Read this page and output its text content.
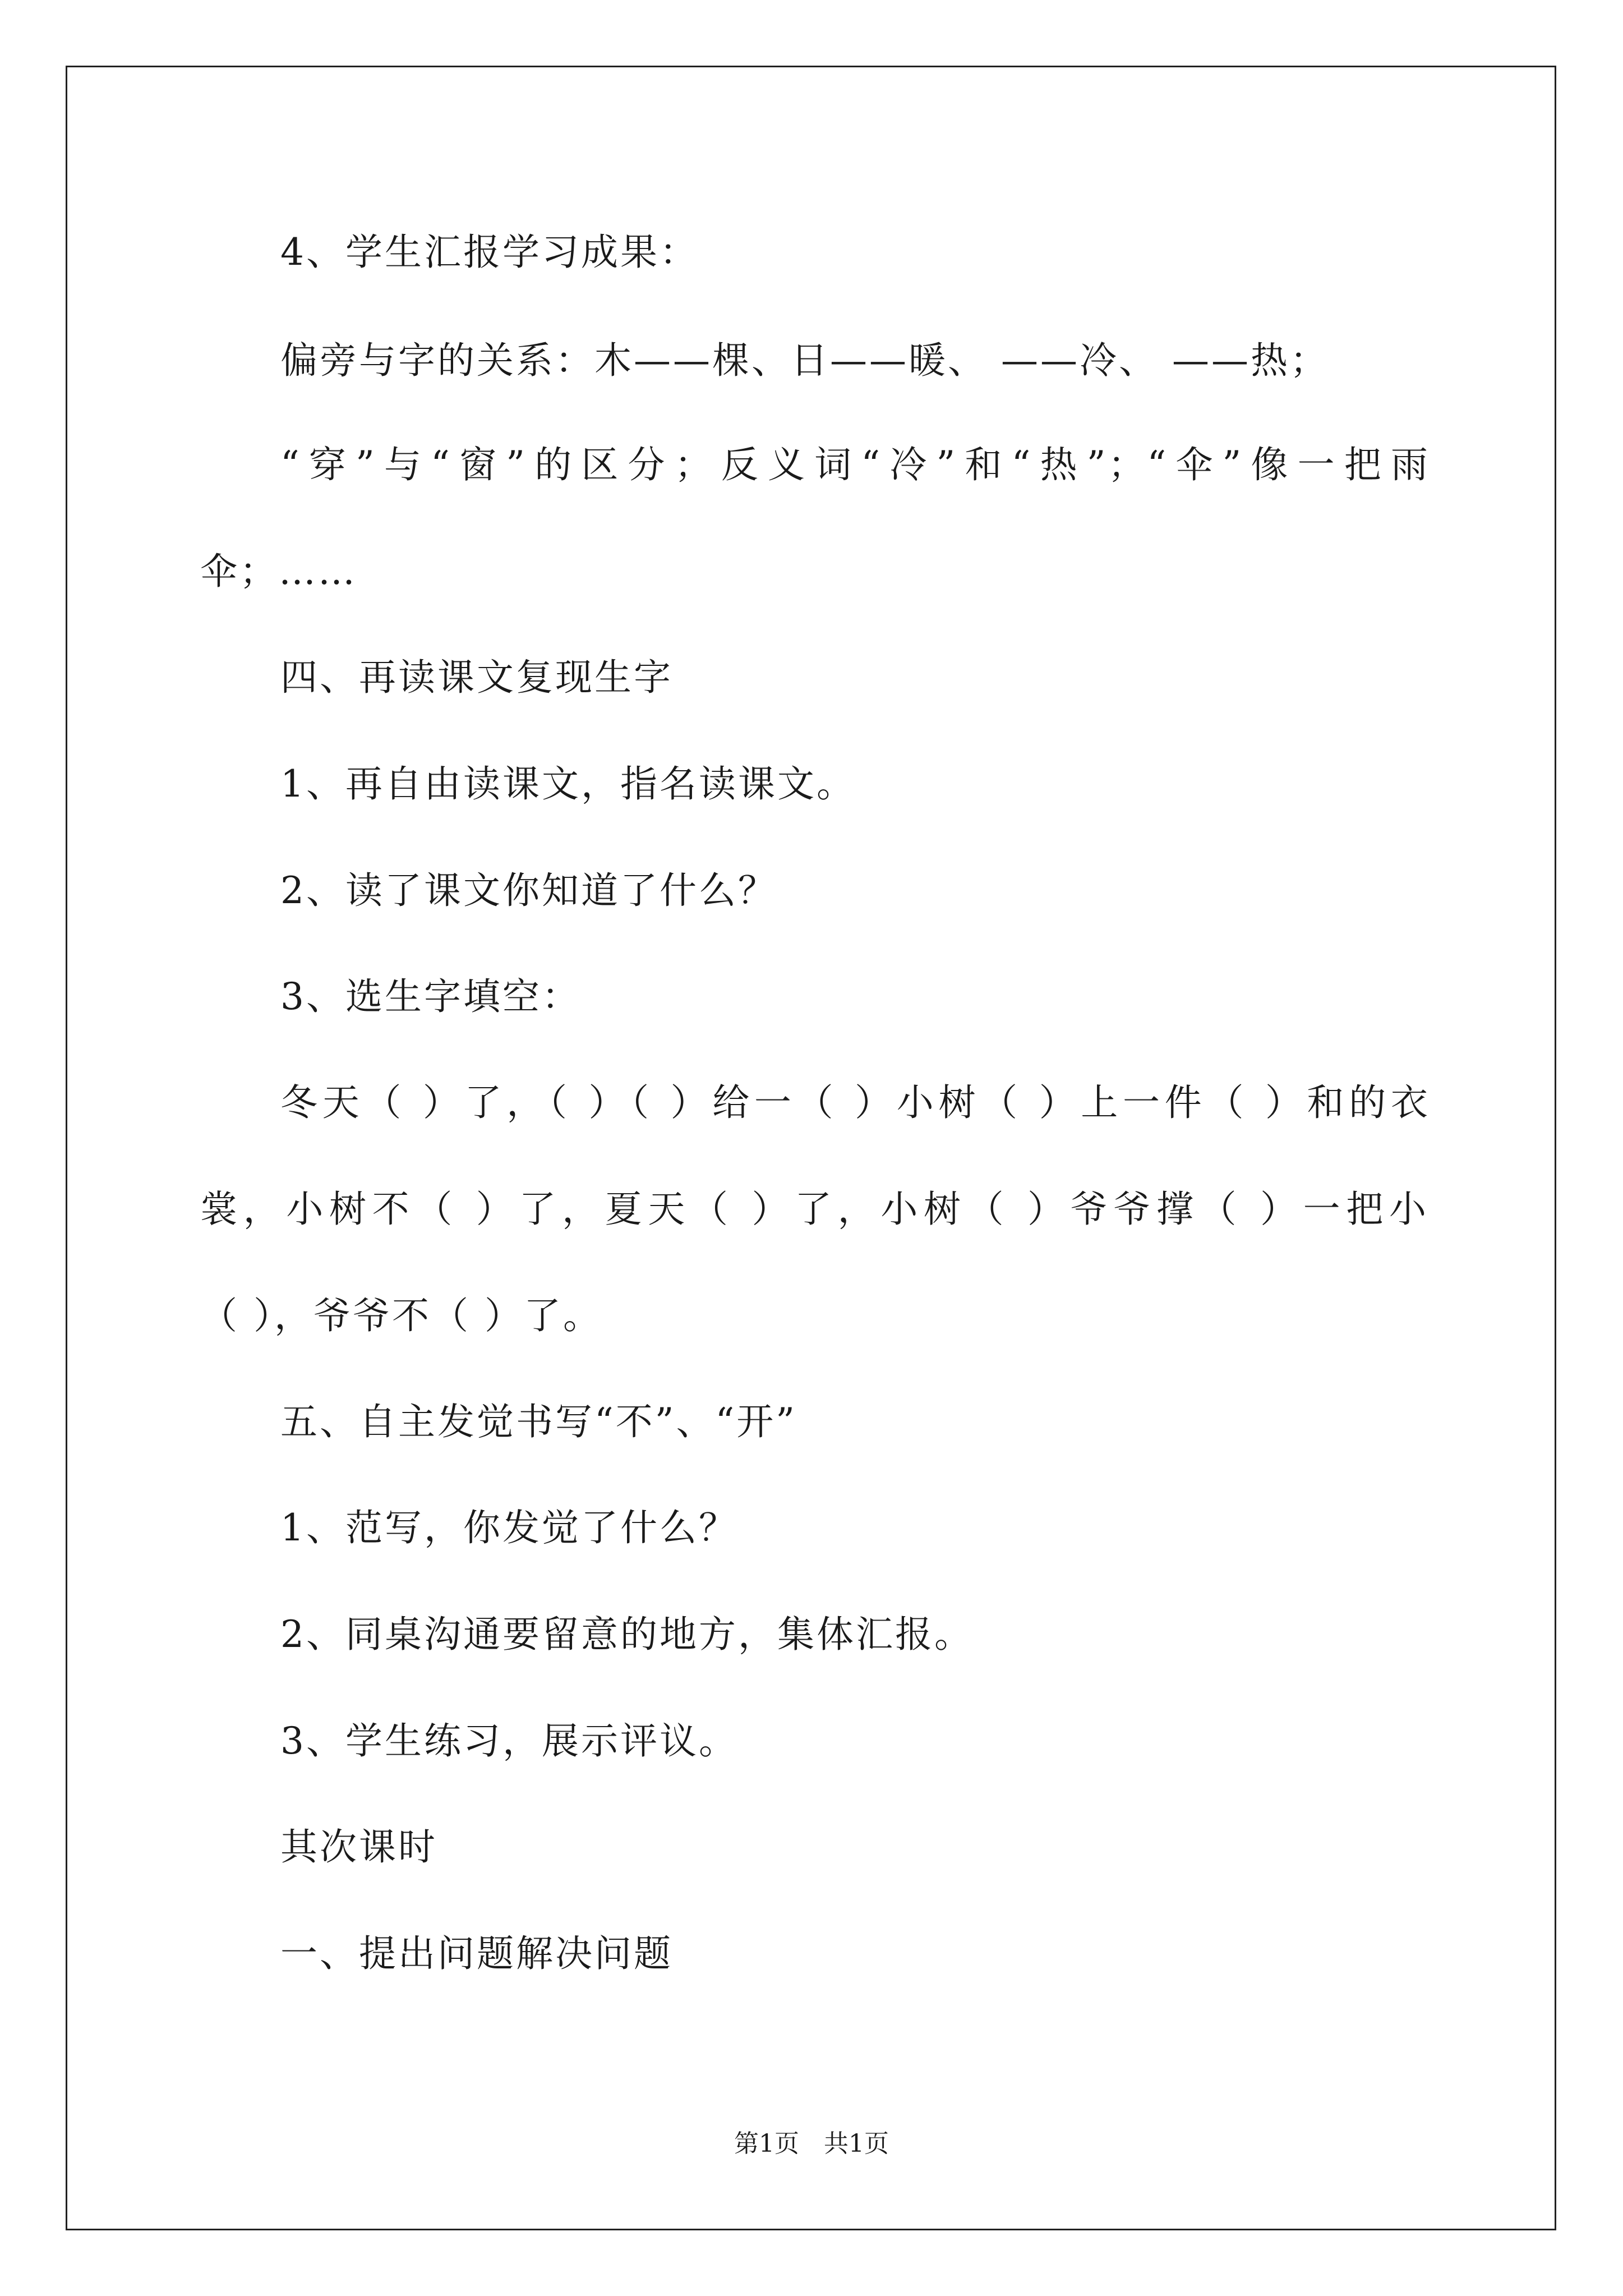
4、学生汇报学习成果：
偏旁与字的关系：木——棵、日——暖、 ——冷、 ——热；
“穿”与“窗”的区分；反义词“冷”和“热”；“伞”像一把雨
伞；……
四、再读课文复现生字
1、再自由读课文，指名读课文。
2、读了课文你知道了什么？
3、选生字填空：
冬天（ ）了，（ ）（ ）给一（ ）小树（ ）上一件（ ）和的衣
裳，小树不（ ）了，夏天（ ）了，小树（ ）爷爷撑（ ）一把小
（ ），爷爷不（ ）了。
五、自主发觉书写“不”、“开”
1、范写，你发觉了什么？
2、同桌沟通要留意的地方，集体汇报。
3、学生练习，展示评议。
其次课时
一、提出问题解决问题
第1页　共1页
